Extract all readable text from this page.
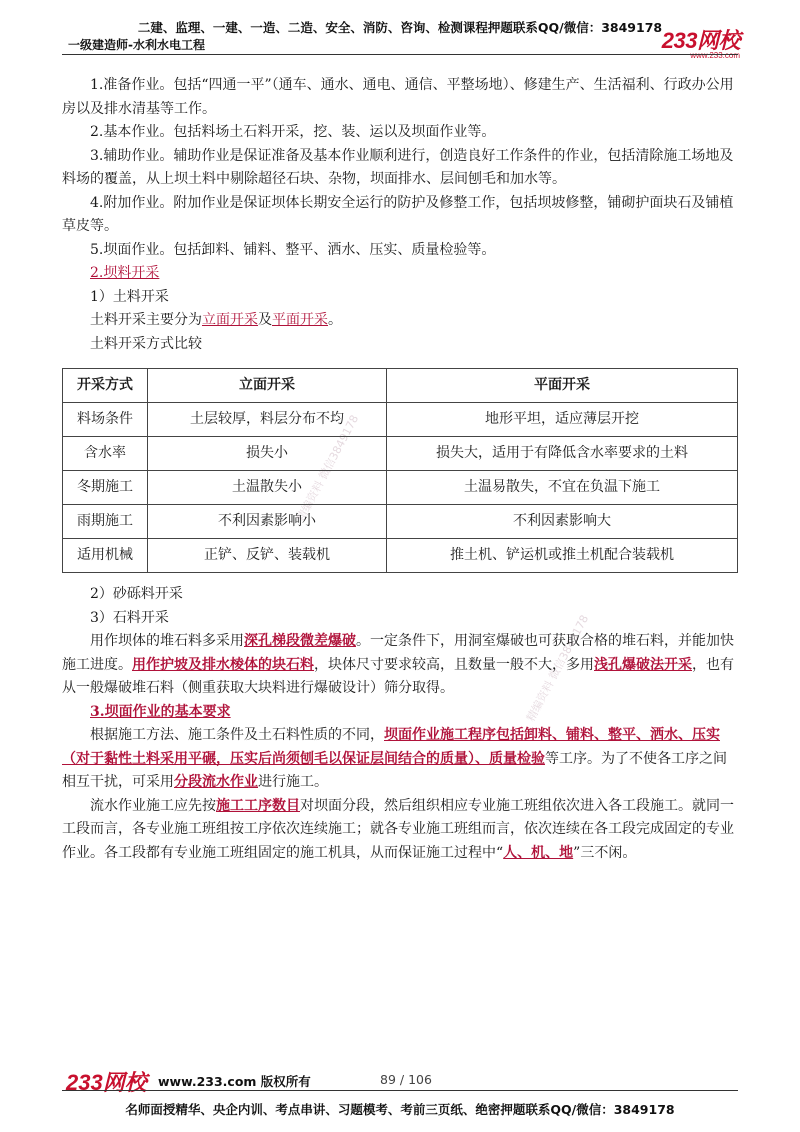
二建、监理、一建、一造、二造、安全、消防、咨询、检测课程押题联系QQ/微信：3849178
一级建造师-水利水电工程	233网校
www.233.com
精编资料 微信3849178
精编资料 微信3849178

1.准备作业。包括“四通一平”（通车、通水、通电、通信、平整场地）、修建生产、生活福利、行政办公用房以及排水清基等工作。

2.基本作业。包括料场土石料开采，挖、装、运以及坝面作业等。

3.辅助作业。辅助作业是保证准备及基本作业顺利进行，创造良好工作条件的作业，包括清除施工场地及料场的覆盖，从上坝土料中剔除超径石块、杂物，坝面排水、层间刨毛和加水等。

4.附加作业。附加作业是保证坝体长期安全运行的防护及修整工作，包括坝坡修整，铺砌护面块石及铺植草皮等。

5.坝面作业。包括卸料、铺料、整平、洒水、压实、质量检验等。

2.坝料开采

1）土料开采

土料开采主要分为立面开采及平面开采。

土料开采方式比较

开采方式	立面开采	平面开采
料场条件	土层较厚，料层分布不均	地形平坦，适应薄层开挖
含水率	损失小	损失大，适用于有降低含水率要求的土料
冬期施工	土温散失小	土温易散失，不宜在负温下施工
雨期施工	不利因素影响小	不利因素影响大
适用机械	正铲、反铲、装载机	推土机、铲运机或推土机配合装载机

2）砂砾料开采

3）石料开采

用作坝体的堆石料多采用深孔梯段微差爆破。一定条件下，用洞室爆破也可获取合格的堆石料，并能加快施工进度。用作护坡及排水棱体的块石料，块体尺寸要求较高，且数量一般不大，多用浅孔爆破法开采，也有从一般爆破堆石料（侧重获取大块料进行爆破设计）筛分取得。

3.坝面作业的基本要求

根据施工方法、施工条件及土石料性质的不同，坝面作业施工程序包括卸料、铺料、整平、洒水、压实（对于黏性土料采用平碾，压实后尚须刨毛以保证层间结合的质量）、质量检验等工序。为了不使各工序之间相互干扰，可采用分段流水作业进行施工。

流水作业施工应先按施工工序数目对坝面分段，然后组织相应专业施工班组依次进入各工段施工。就同一工段而言，各专业施工班组按工序依次连续施工；就各专业施工班组而言，依次连续在各工段完成固定的专业作业。各工段都有专业施工班组固定的施工机具，从而保证施工过程中“人、机、地”三不闲。

233网校 www.233.com 版权所有	89 / 106
名师面授精华、央企内训、考点串讲、习题模考、考前三页纸、绝密押题联系QQ/微信：3849178
